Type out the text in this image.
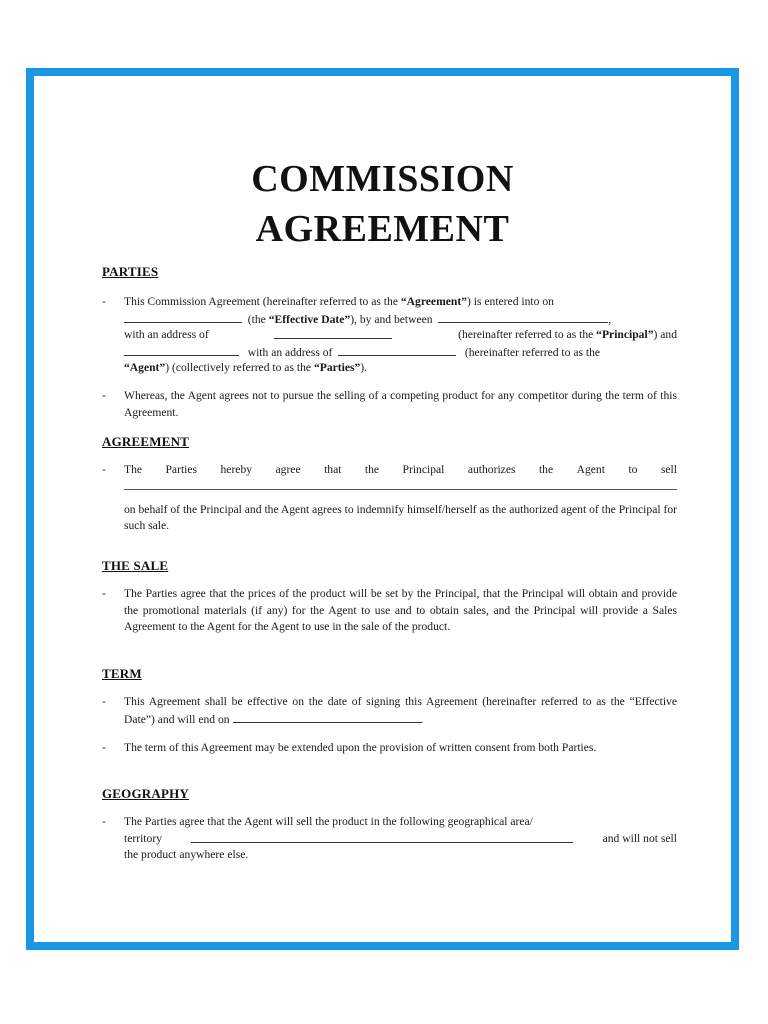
COMMISSION
AGREEMENT
PARTIES
- This Commission Agreement (hereinafter referred to as the “Agreement”) is entered into on
(the “Effective Date”), by and between	,
with an address of	(hereinafter referred to as the “Principal”) and
with an address of	(hereinafter referred to as the
“Agent”) (collectively referred to as the “Parties”).
- Whereas, the Agent agrees not to pursue the selling of a competing product for any competitor during the term of this Agreement.
AGREEMENT
- The Parties hereby agree that the Principal authorizes the Agent to sell
on behalf of the Principal and the Agent agrees to indemnify himself/herself as the authorized agent of the Principal for such sale.
THE SALE
- The Parties agree that the prices of the product will be set by the Principal, that the Principal will obtain and provide the promotional materials (if any) for the Agent to use and to obtain sales, and the Principal will provide a Sales Agreement to the Agent for the Agent to use in the sale of the product.
TERM
- This Agreement shall be effective on the date of signing this Agreement (hereinafter referred to as the “Effective Date”) and will end on	.
- The term of this Agreement may be extended upon the provision of written consent from both Parties.
GEOGRAPHY
- The Parties agree that the Agent will sell the product in the following geographical area/
territory	and will not sell
the product anywhere else.
